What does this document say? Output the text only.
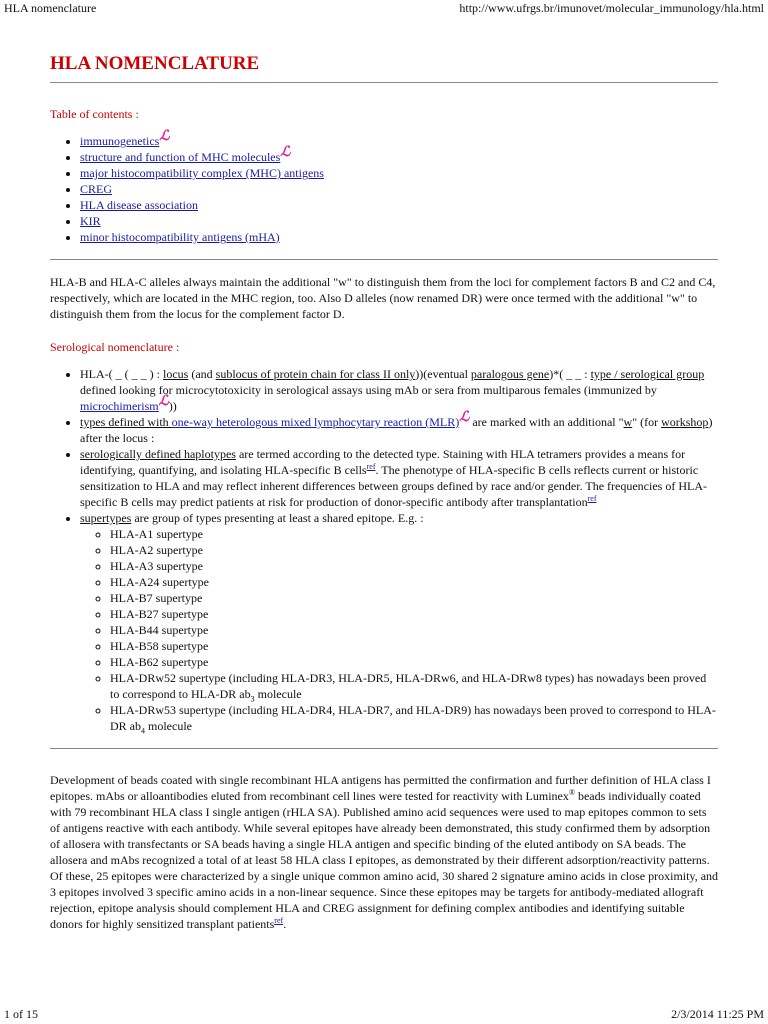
HLA nomenclature	http://www.ufrgs.br/imunovet/molecular_immunology/hla.html
HLA NOMENCLATURE
Table of contents :
• immunogenetics$^ℒ$
• structure and function of MHC molecules$^ℒ$
• major histocompatibility complex (MHC) antigens
• CREG
• HLA disease association
• KIR
• minor histocompatibility antigens (mHA)

HLA-B and HLA-C alleles always maintain the additional "w" to distinguish them from the loci for complement factors B and C2 and C4, respectively, which are located in the MHC region, too. Also D alleles (now renamed DR) were once termed with the additional "w" to distinguish them from the locus for the complement factor D.

Serological nomenclature :
• HLA-( _ ( _ _ ) : locus (and sublocus of protein chain for class II only))(eventual paralogous gene)*( _ _ : type / serological group defined looking for microcytotoxicity in serological assays using mAb or sera from multiparous females (immunized by microchimerism$^ℒ$))
• types defined with one-way heterologous mixed lymphocytary reaction (MLR)$^ℒ$ are marked with an additional "w" (for workshop) after the locus :
• serologically defined haplotypes are termed according to the detected type. Staining with HLA tetramers provides a means for identifying, quantifying, and isolating HLA-specific B cells$^{ref}$. The phenotype of HLA-specific B cells reflects current or historic sensitization to HLA and may reflect inherent differences between groups defined by race and/or gender. The frequencies of HLA-specific B cells may predict patients at risk for production of donor-specific antibody after transplantation$^{ref}$
• supertypes are group of types presenting at least a shared epitope. E.g. :
◦ HLA-A1 supertype
◦ HLA-A2 supertype
◦ HLA-A3 supertype
◦ HLA-A24 supertype
◦ HLA-B7 supertype
◦ HLA-B27 supertype
◦ HLA-B44 supertype
◦ HLA-B58 supertype
◦ HLA-B62 supertype
◦ HLA-DRw52 supertype (including HLA-DR3, HLA-DR5, HLA-DRw6, and HLA-DRw8 types) has nowadays been proved to correspond to HLA-DR $ab_3$ molecule
◦ HLA-DRw53 supertype (including HLA-DR4, HLA-DR7, and HLA-DR9) has nowadays been proved to correspond to HLA-DR $ab_4$ molecule

Development of beads coated with single recombinant HLA antigens has permitted the confirmation and further definition of HLA class I epitopes. mAbs or alloantibodies eluted from recombinant cell lines were tested for reactivity with Luminex® beads individually coated with 79 recombinant HLA class I single antigen (rHLA SA). Published amino acid sequences were used to map epitopes common to sets of antigens reactive with each antibody. While several epitopes have already been demonstrated, this study confirmed them by adsorption of allosera with transfectants or SA beads having a single HLA antigen and specific binding of the eluted antibody on SA beads. The allosera and mAbs recognized a total of at least 58 HLA class I epitopes, as demonstrated by their different adsorption/reactivity patterns. Of these, 25 epitopes were characterized by a single unique common amino acid, 30 shared 2 signature amino acids in close proximity, and 3 epitopes involved 3 specific amino acids in a non-linear sequence. Since these epitopes may be targets for antibody-mediated allograft rejection, epitope analysis should complement HLA and CREG assignment for defining complex antibodies and identifying suitable donors for highly sensitized transplant patients$^{ref}$.

1 of 15	2/3/2014 11:25 PM
